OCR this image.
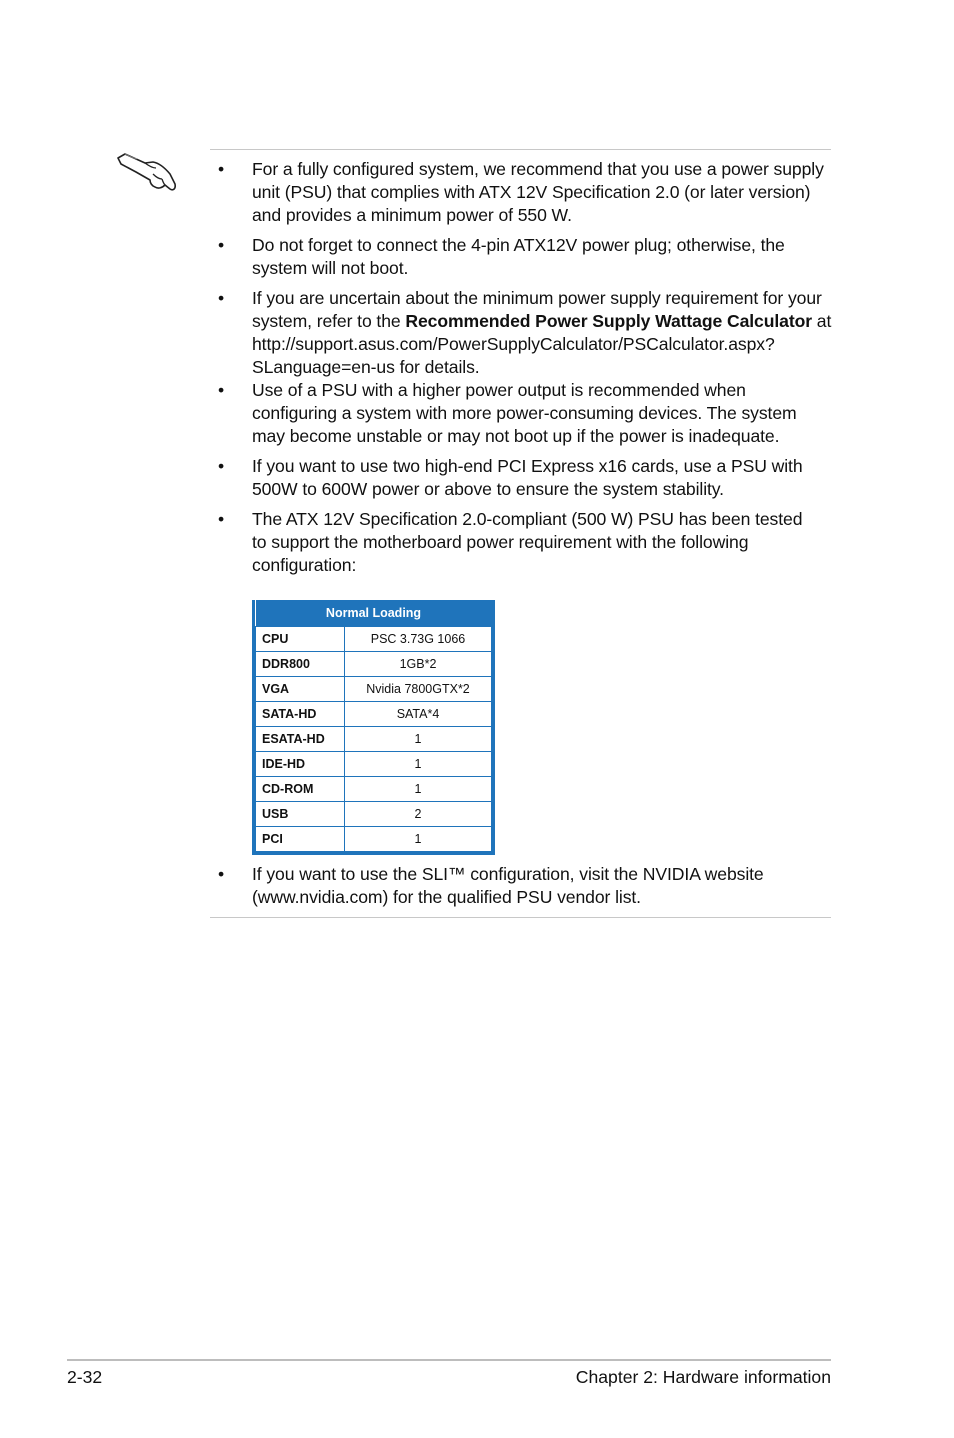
• For a fully configured system, we recommend that you use a power supply unit (PSU) that complies with ATX 12V Specification 2.0 (or later version) and provides a minimum power of 550 W.
• Do not forget to connect the 4-pin ATX12V power plug; otherwise, the system will not boot.
• If you are uncertain about the minimum power supply requirement for your system, refer to the Recommended Power Supply Wattage Calculator at http://support.asus.com/PowerSupplyCalculator/PSCalculator.aspx?SLanguage=en-us for details.
• Use of a PSU with a higher power output is recommended when configuring a system with more power-consuming devices. The system may become unstable or may not boot up if the power is inadequate.
• If you want to use two high-end PCI Express x16 cards, use a PSU with 500W to 600W power or above to ensure the system stability.
• The ATX 12V Specification 2.0-compliant (500 W) PSU has been tested to support the motherboard power requirement with the following configuration:
Normal Loading	
CPU	PSC 3.73G 1066
DDR800	1GB*2
VGA	Nvidia 7800GTX*2
SATA-HD	SATA*4
ESATA-HD	1
IDE-HD	1
CD-ROM	1
USB	2
PCI	1
• If you want to use the SLI™ configuration, visit the NVIDIA website (www.nvidia.com) for the qualified PSU vendor list.
2-32	Chapter 2: Hardware information
